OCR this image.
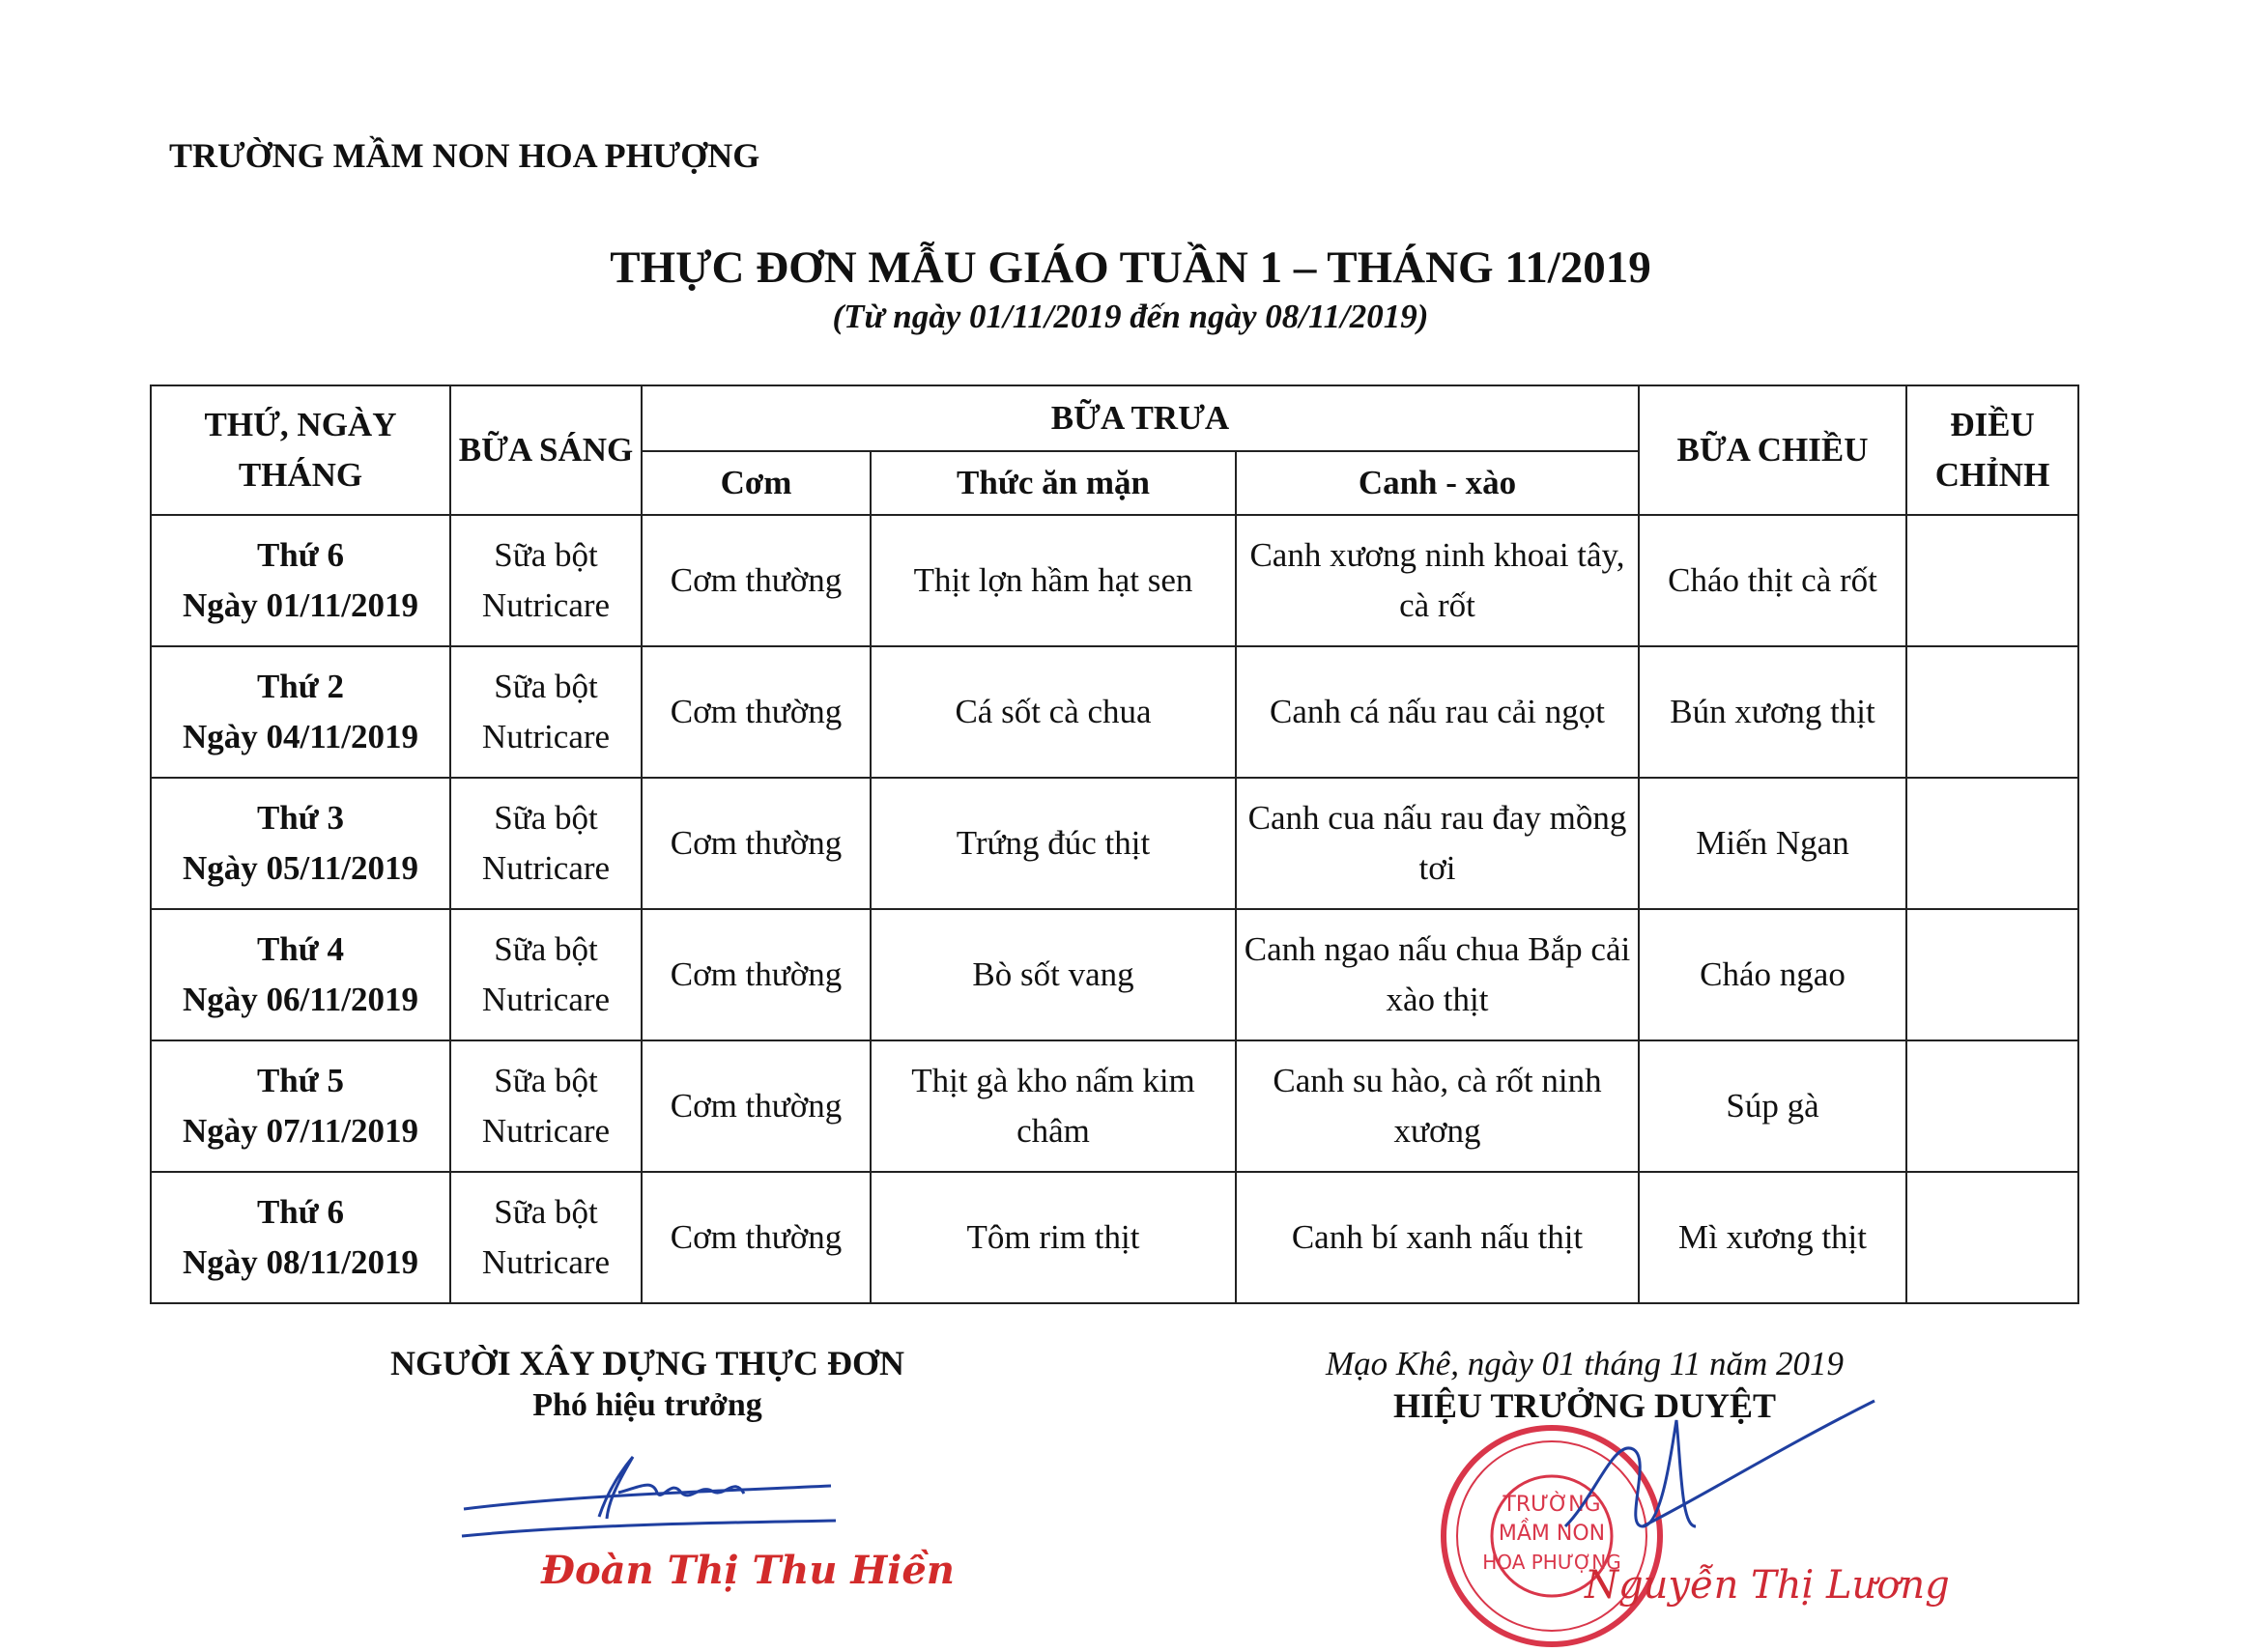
TRƯỜNG MẦM NON HOA PHƯỢNG
THỰC ĐƠN MẪU GIÁO TUẦN 1 – THÁNG 11/2019
(Từ ngày 01/11/2019 đến ngày 08/11/2019)
THỨ, NGÀY THÁNG	BỮA SÁNG	BỮA TRƯA			BỮA CHIỀU	ĐIỀU CHỈNH
		Cơm	Thức ăn mặn	Canh - xào		

Thứ 6
Ngày 01/11/2019	Sữa bột Nutricare	Cơm thường	Thịt lợn hầm hạt sen	Canh xương ninh khoai tây, cà rốt	Cháo thịt cà rốt	

Thứ 2
Ngày 04/11/2019	Sữa bột Nutricare	Cơm thường	Cá sốt cà chua	Canh cá nấu rau cải ngọt	Bún xương thịt	

Thứ 3
Ngày 05/11/2019	Sữa bột Nutricare	Cơm thường	Trứng đúc thịt	Canh cua nấu rau đay mồng tơi	Miến Ngan	

Thứ 4
Ngày 06/11/2019	Sữa bột Nutricare	Cơm thường	Bò sốt vang	Canh ngao nấu chua Bắp cải xào thịt	Cháo ngao	

Thứ 5
Ngày 07/11/2019	Sữa bột Nutricare	Cơm thường	Thịt gà kho nấm kim châm	Canh su hào, cà rốt ninh xương	Súp gà	

Thứ 6
Ngày 08/11/2019	Sữa bột Nutricare	Cơm thường	Tôm rim thịt	Canh bí xanh nấu thịt	Mì xương thịt	
NGƯỜI XÂY DỰNG THỰC ĐƠN
Phó hiệu trưởng
Đoàn Thị Thu Hiền
Mạo Khê, ngày 01 tháng 11 năm 2019
HIỆU TRƯỞNG DUYỆT
TRƯỜNG
MẦM NON
HOA PHƯỢNG
Nguyễn Thị Lương
